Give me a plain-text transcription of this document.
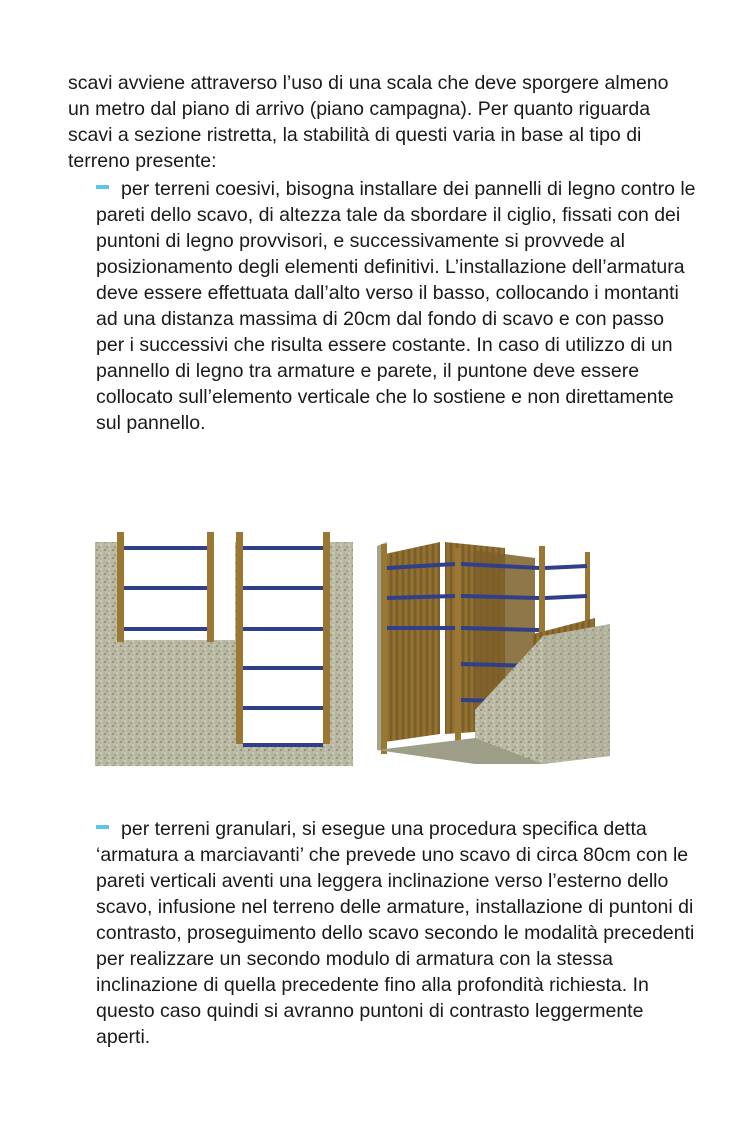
scavi avviene attraverso l’uso di una scala che deve sporgere almeno un metro dal piano di arrivo (piano campagna). Per quanto riguarda scavi a sezione ristretta, la stabilità di questi varia in base al tipo di terreno presente:

per terreni coesivi, bisogna installare dei pannelli di legno contro le pareti dello scavo, di altezza tale da sbordare il ciglio, fissati con dei puntoni di legno provvisori, e successivamente si provvede al posizionamento degli elementi definitivi. L’installazione dell’armatura deve essere effettuata dall’alto verso il basso, collocando i montanti ad una distanza massima di 20cm dal fondo di scavo e con passo per i successivi che risulta essere costante. In caso di utilizzo di un pannello di legno tra armature e parete, il puntone deve essere collocato sull’elemento verticale che lo sostiene e non direttamente sul pannello.

per terreni granulari, si esegue una procedura specifica detta ‘armatura a marciavanti’ che prevede uno scavo di circa 80cm con le pareti verticali aventi una leggera inclinazione verso l’esterno dello scavo, infusione nel terreno delle armature, installazione di puntoni di contrasto, proseguimento dello scavo secondo le modalità precedenti per realizzare un secondo modulo di armatura con la stessa inclinazione di quella precedente fino alla profondità richiesta. In questo caso quindi si avranno puntoni di contrasto leggermente aperti.
